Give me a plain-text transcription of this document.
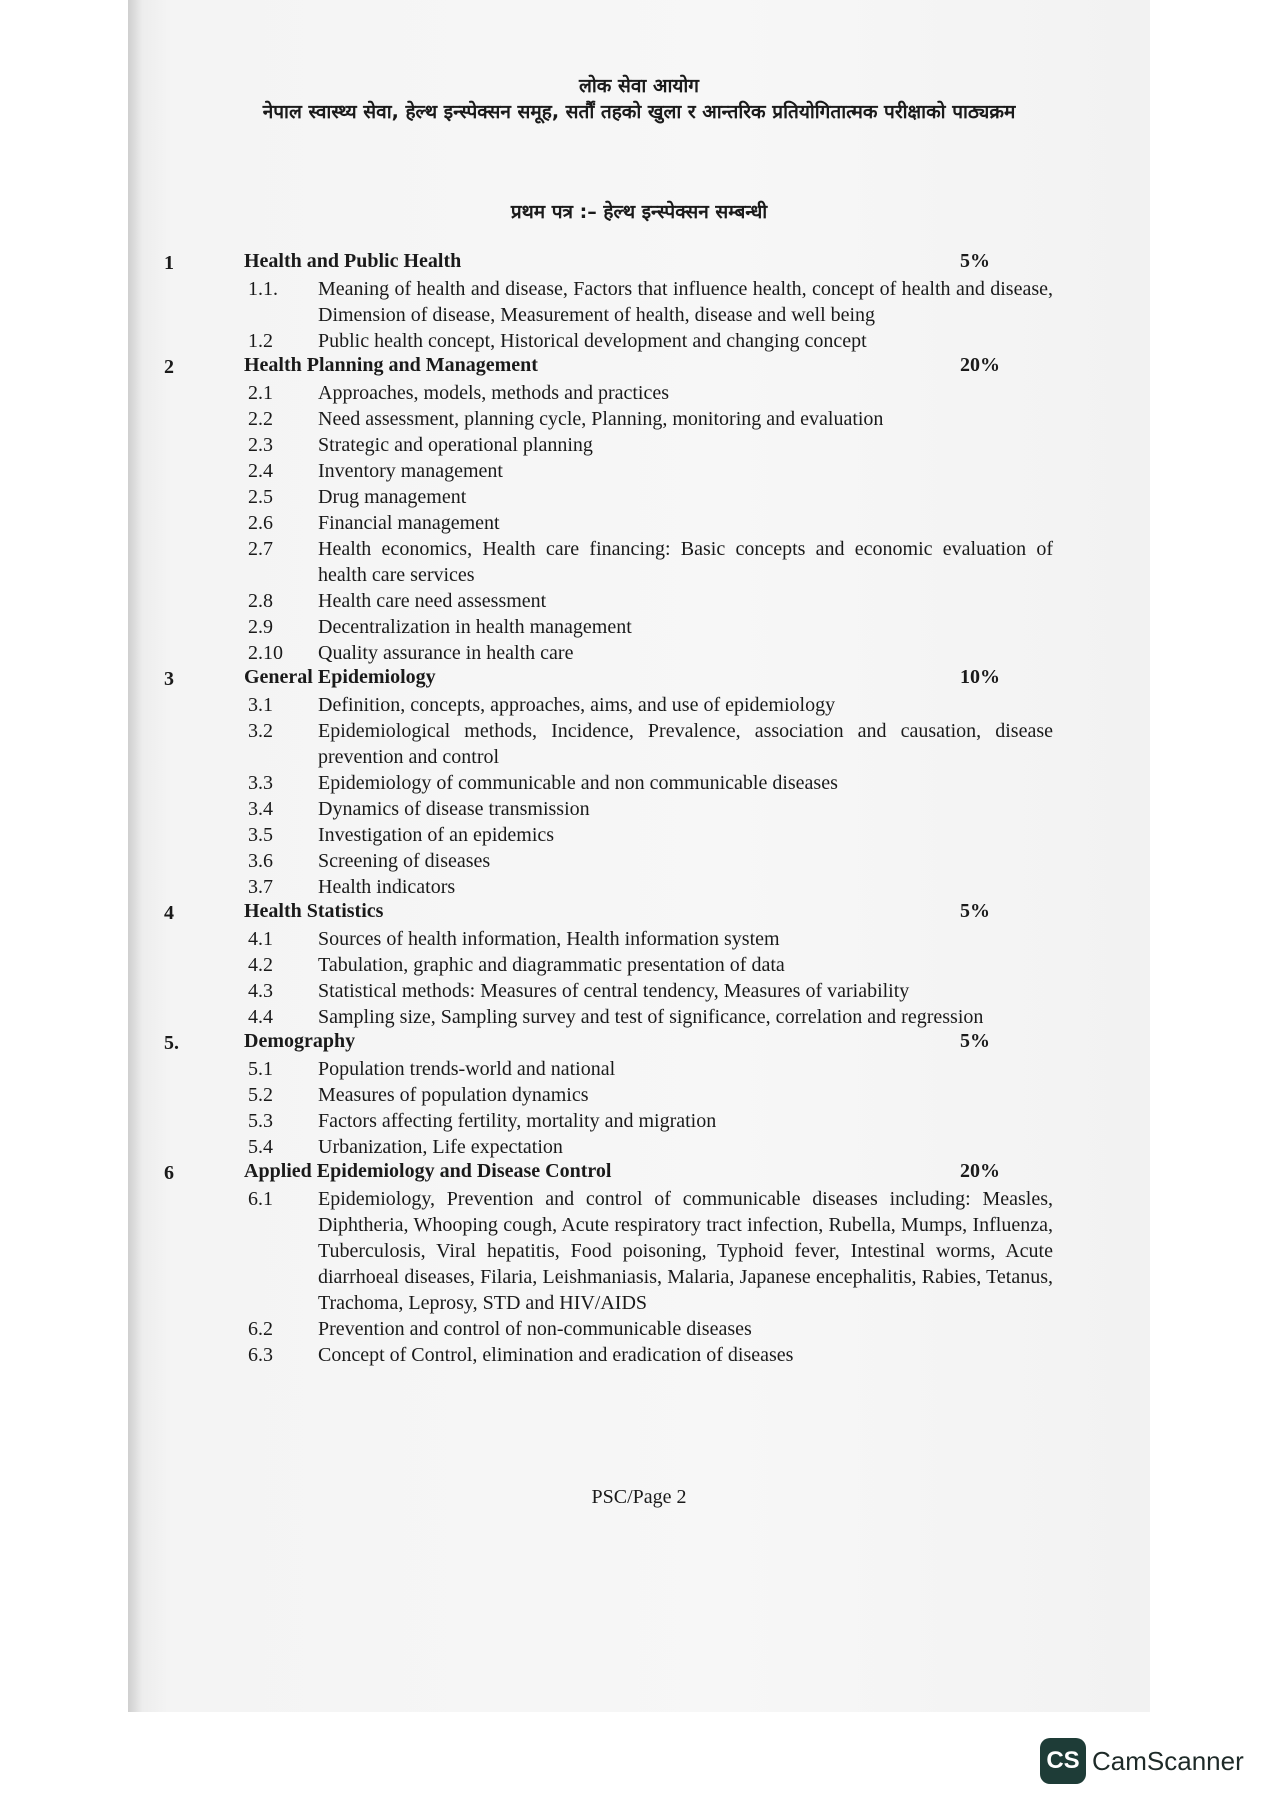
लोक सेवा आयोग
नेपाल स्वास्थ्य सेवा, हेल्थ इन्स्पेक्सन समूह, सर्तौं तहको खुला र आन्तरिक प्रतियोगितात्मक परीक्षाको पाठ्यक्रम
प्रथम पत्र :– हेल्थ इन्स्पेक्सन सम्बन्धी
1	Health and Public Health	5%
1.1. Meaning of health and disease, Factors that influence health, concept of health and disease, Dimension of disease, Measurement of health, disease and well being
1.2 Public health concept, Historical development and changing concept
2	Health Planning and Management	20%
2.1 Approaches, models, methods and practices
2.2 Need assessment, planning cycle, Planning, monitoring and evaluation
2.3 Strategic and operational planning
2.4 Inventory management
2.5 Drug management
2.6 Financial management
2.7 Health economics, Health care financing: Basic concepts and economic evaluation of health care services
2.8 Health care need assessment
2.9 Decentralization in health management
2.10 Quality assurance in health care
3	General Epidemiology	10%
3.1 Definition, concepts, approaches, aims, and use of epidemiology
3.2 Epidemiological methods, Incidence, Prevalence, association and causation, disease prevention and control
3.3 Epidemiology of communicable and non communicable diseases
3.4 Dynamics of disease transmission
3.5 Investigation of an epidemics
3.6 Screening of diseases
3.7 Health indicators
4	Health Statistics	5%
4.1 Sources of health information, Health information system
4.2 Tabulation, graphic and diagrammatic presentation of data
4.3 Statistical methods: Measures of central tendency, Measures of variability
4.4 Sampling size, Sampling survey and test of significance, correlation and regression
5.	Demography	5%
5.1 Population trends-world and national
5.2 Measures of population dynamics
5.3 Factors affecting fertility, mortality and migration
5.4 Urbanization, Life expectation
6	Applied Epidemiology and Disease Control	20%
6.1 Epidemiology, Prevention and control of communicable diseases including: Measles, Diphtheria, Whooping cough, Acute respiratory tract infection, Rubella, Mumps, Influenza, Tuberculosis, Viral hepatitis, Food poisoning, Typhoid fever, Intestinal worms, Acute diarrhoeal diseases, Filaria, Leishmaniasis, Malaria, Japanese encephalitis, Rabies, Tetanus, Trachoma, Leprosy, STD and HIV/AIDS
6.2 Prevention and control of non-communicable diseases
6.3 Concept of Control, elimination and eradication of diseases
PSC/Page 2
CS CamScanner
